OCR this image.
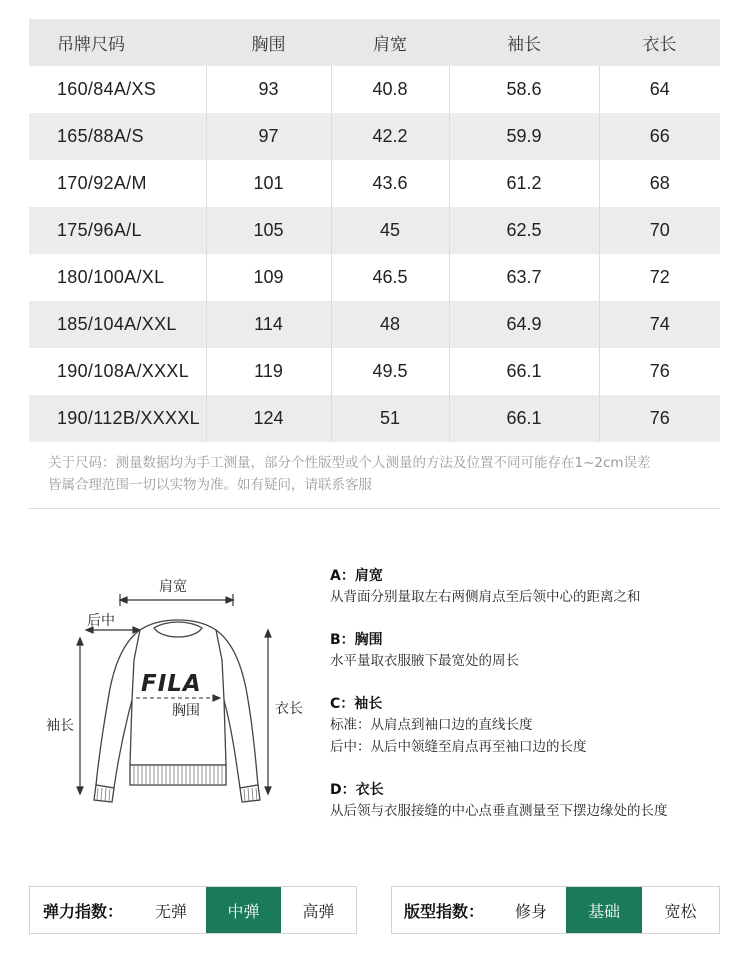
吊牌尺码	胸围	肩宽	袖长	衣长
160/84A/XS	93	40.8	58.6	64
165/88A/S	97	42.2	59.9	66
170/92A/M	101	43.6	61.2	68
175/96A/L	105	45	62.5	70
180/100A/XL	109	46.5	63.7	72
185/104A/XXL	114	48	64.9	74
190/108A/XXXL	119	49.5	66.1	76
190/112B/XXXXL	124	51	66.1	76
关于尺码：测量数据均为手工测量，部分个性版型或个人测量的方法及位置不同可能存在1~2cm误差
皆属合理范围一切以实物为准。如有疑问，请联系客服
FILA
肩宽
后中
袖长
胸围	衣长
A：肩宽
从背面分别量取左右两侧肩点至后领中心的距离之和
B：胸围
水平量取衣服腋下最宽处的周长
C：袖长
标准：从肩点到袖口边的直线长度
后中：从后中领缝至肩点再至袖口边的长度
D：衣长
从后领与衣服接缝的中心点垂直测量至下摆边缘处的长度
弹力指数：	无弹	中弹	高弹	版型指数：	修身	基础	宽松
